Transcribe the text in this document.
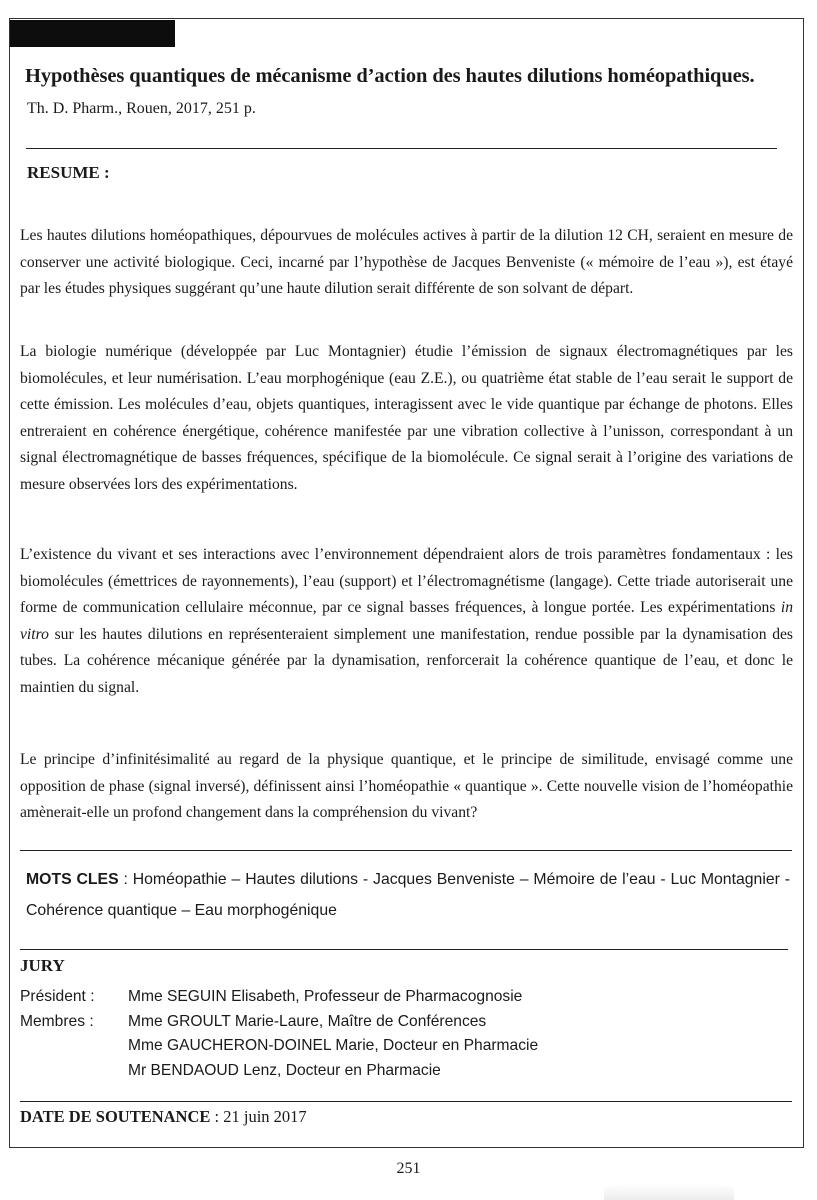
Hypothèses quantiques de mécanisme d’action des hautes dilutions homéopathiques.
Th. D. Pharm., Rouen, 2017, 251 p.
RESUME :
Les hautes dilutions homéopathiques, dépourvues de molécules actives à partir de la dilution 12 CH, seraient en mesure de conserver une activité biologique. Ceci, incarné par l’hypothèse de Jacques Benveniste (« mémoire de l’eau »), est étayé par les études physiques suggérant qu’une haute dilution serait différente de son solvant de départ.
La biologie numérique (développée par Luc Montagnier) étudie l’émission de signaux électromagnétiques par les biomolécules, et leur numérisation. L’eau morphogénique (eau Z.E.), ou quatrième état stable de l’eau serait le support de cette émission. Les molécules d’eau, objets quantiques, interagissent avec le vide quantique par échange de photons. Elles entreraient en cohérence énergétique, cohérence manifestée par une vibration collective à l’unisson, correspondant à un signal électromagnétique de basses fréquences, spécifique de la biomolécule. Ce signal serait à l’origine des variations de mesure observées lors des expérimentations.
L’existence du vivant et ses interactions avec l’environnement dépendraient alors de trois paramètres fondamentaux : les biomolécules (émettrices de rayonnements), l’eau (support) et l’électromagnétisme (langage). Cette triade autoriserait une forme de communication cellulaire méconnue, par ce signal basses fréquences, à longue portée. Les expérimentations in vitro sur les hautes dilutions en représenteraient simplement une manifestation, rendue possible par la dynamisation des tubes. La cohérence mécanique générée par la dynamisation, renforcerait la cohérence quantique de l’eau, et donc le maintien du signal.
Le principe d’infinitésimalité au regard de la physique quantique, et le principe de similitude, envisagé comme une opposition de phase (signal inversé), définissent ainsi l’homéopathie « quantique ». Cette nouvelle vision de l’homéopathie amènerait-elle un profond changement dans la compréhension du vivant?
MOTS CLES : Homéopathie – Hautes dilutions - Jacques Benveniste – Mémoire de l’eau - Luc Montagnier - Cohérence quantique – Eau morphogénique
JURY
Président :	Mme SEGUIN Elisabeth, Professeur de Pharmacognosie
Membres :	Mme GROULT Marie-Laure, Maître de Conférences
Mme GAUCHERON-DOINEL Marie, Docteur en Pharmacie
Mr BENDAOUD Lenz, Docteur en Pharmacie
DATE DE SOUTENANCE : 21 juin 2017
251
